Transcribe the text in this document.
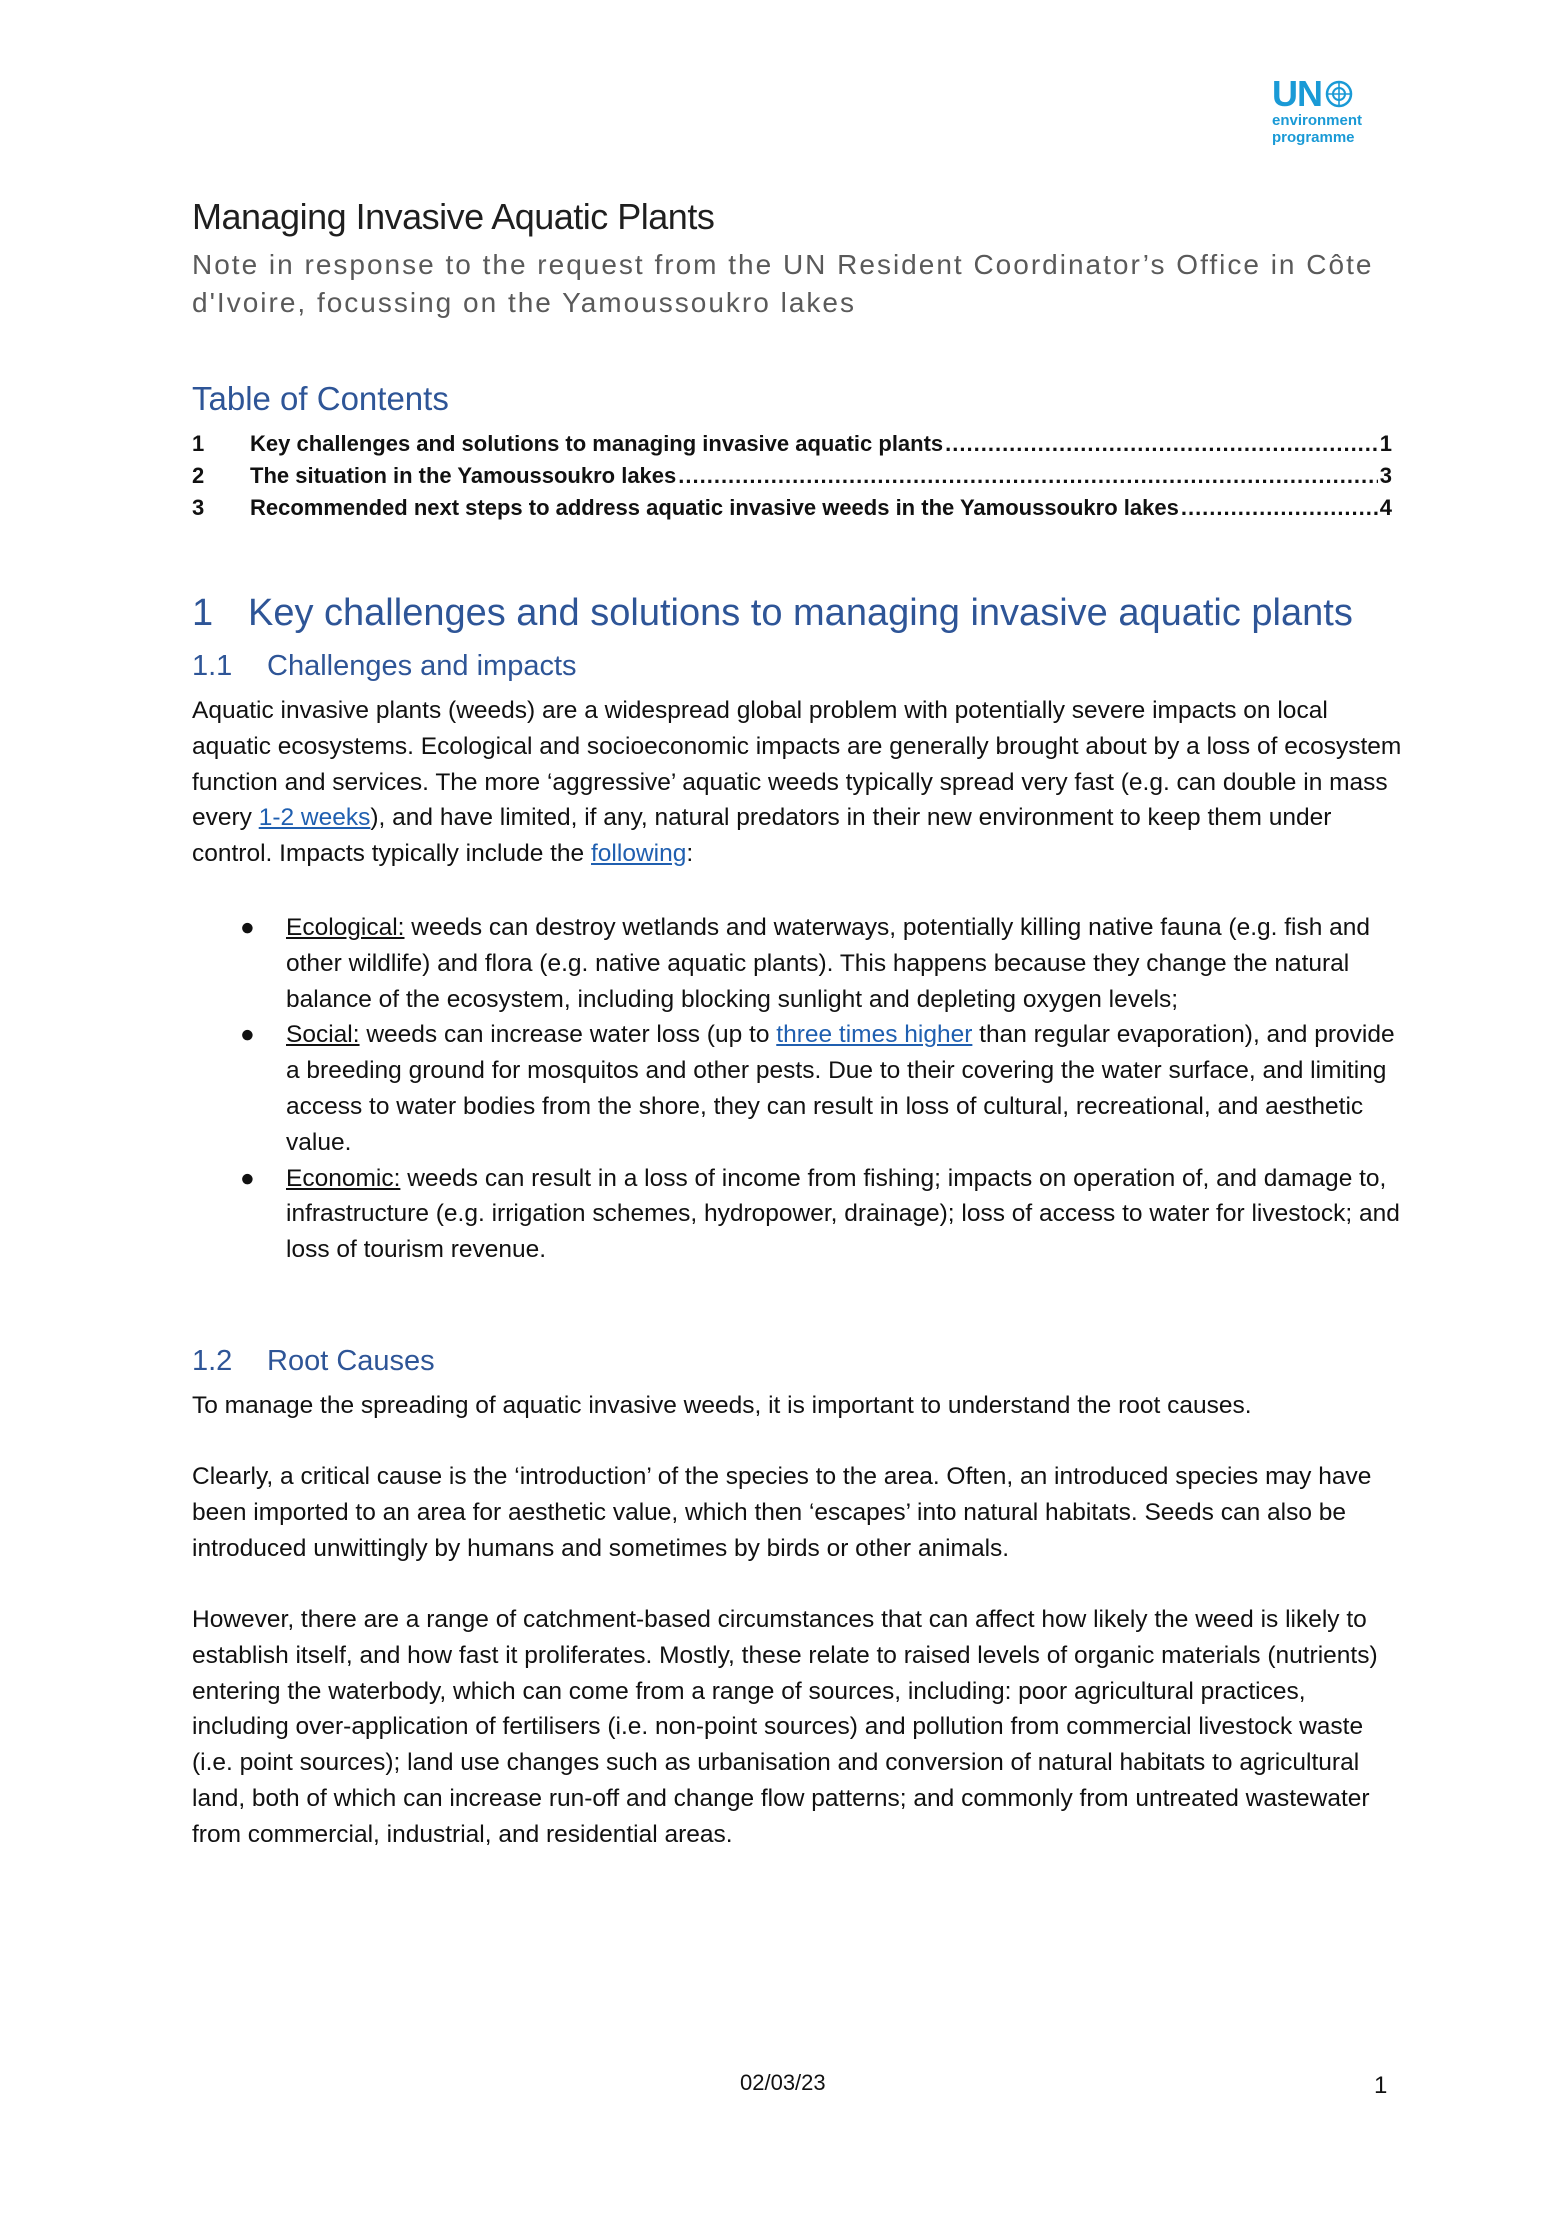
UN
environment
programme
Managing Invasive Aquatic Plants

Note in response to the request from the UN Resident Coordinator’s Office in Côte d'Ivoire, focussing on the Yamoussoukro lakes

Table of Contents
1	Key challenges and solutions to managing invasive aquatic plants .....	1
2	The situation in the Yamoussoukro lakes .....	3
3	Recommended next steps to address aquatic invasive weeds in the Yamoussoukro lakes .....	4
1 Key challenges and solutions to managing invasive aquatic plants
1.1	Challenges and impacts

Aquatic invasive plants (weeds) are a widespread global problem with potentially severe impacts on local aquatic ecosystems. Ecological and socioeconomic impacts are generally brought about by a loss of ecosystem function and services. The more ‘aggressive’ aquatic weeds typically spread very fast (e.g. can double in mass every 1-2 weeks), and have limited, if any, natural predators in their new environment to keep them under control. Impacts typically include the following:

● Ecological: weeds can destroy wetlands and waterways, potentially killing native fauna (e.g. fish and other wildlife) and flora (e.g. native aquatic plants). This happens because they change the natural balance of the ecosystem, including blocking sunlight and depleting oxygen levels;
● Social: weeds can increase water loss (up to three times higher than regular evaporation), and provide a breeding ground for mosquitos and other pests. Due to their covering the water surface, and limiting access to water bodies from the shore, they can result in loss of cultural, recreational, and aesthetic value.
● Economic: weeds can result in a loss of income from fishing; impacts on operation of, and damage to, infrastructure (e.g. irrigation schemes, hydropower, drainage); loss of access to water for livestock; and loss of tourism revenue.
1.2	Root Causes

To manage the spreading of aquatic invasive weeds, it is important to understand the root causes.

Clearly, a critical cause is the ‘introduction’ of the species to the area. Often, an introduced species may have been imported to an area for aesthetic value, which then ‘escapes’ into natural habitats. Seeds can also be introduced unwittingly by humans and sometimes by birds or other animals.

However, there are a range of catchment-based circumstances that can affect how likely the weed is likely to establish itself, and how fast it proliferates. Mostly, these relate to raised levels of organic materials (nutrients) entering the waterbody, which can come from a range of sources, including: poor agricultural practices, including over-application of fertilisers (i.e. non-point sources) and pollution from commercial livestock waste (i.e. point sources); land use changes such as urbanisation and conversion of natural habitats to agricultural land, both of which can increase run-off and change flow patterns; and commonly from untreated wastewater from commercial, industrial, and residential areas.

02/03/23	1
